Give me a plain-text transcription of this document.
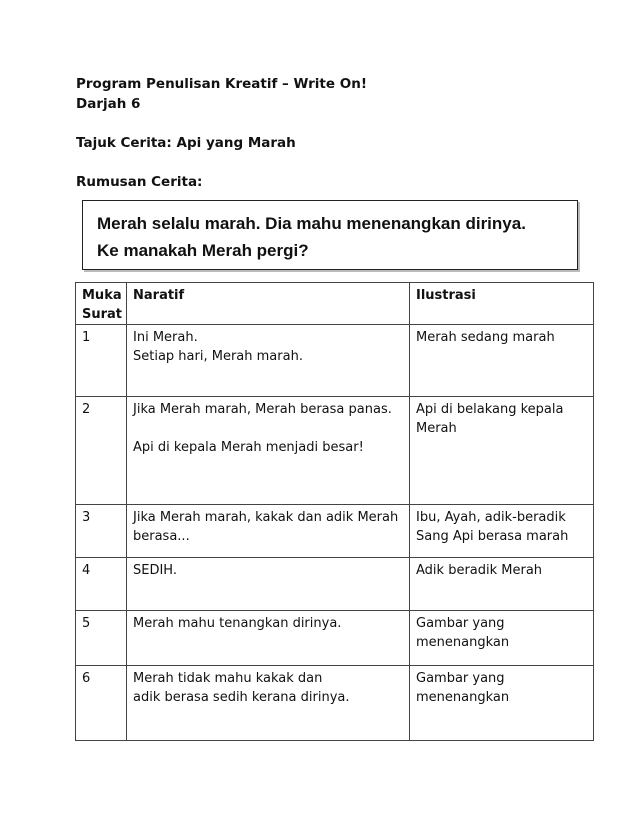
Program Penulisan Kreatif – Write On!

Darjah 6

Tajuk Cerita: Api yang Marah

Rumusan Cerita:

Merah selalu marah. Dia mahu menenangkan dirinya.
Ke manakah Merah pergi?
Muka Surat	Naratif	Ilustrasi
1	Ini Merah.
Setiap hari, Merah marah.	Merah sedang marah
2	Jika Merah marah, Merah berasa panas.
Api di kepala Merah menjadi besar!	Api di belakang kepala Merah
3	Jika Merah marah, kakak dan adik Merah berasa...	Ibu, Ayah, adik-beradik Sang Api berasa marah
4	SEDIH.	Adik beradik Merah
5	Merah mahu tenangkan dirinya.	Gambar yang menenangkan
6	Merah tidak mahu kakak dan
adik berasa sedih kerana dirinya.	Gambar yang menenangkan
